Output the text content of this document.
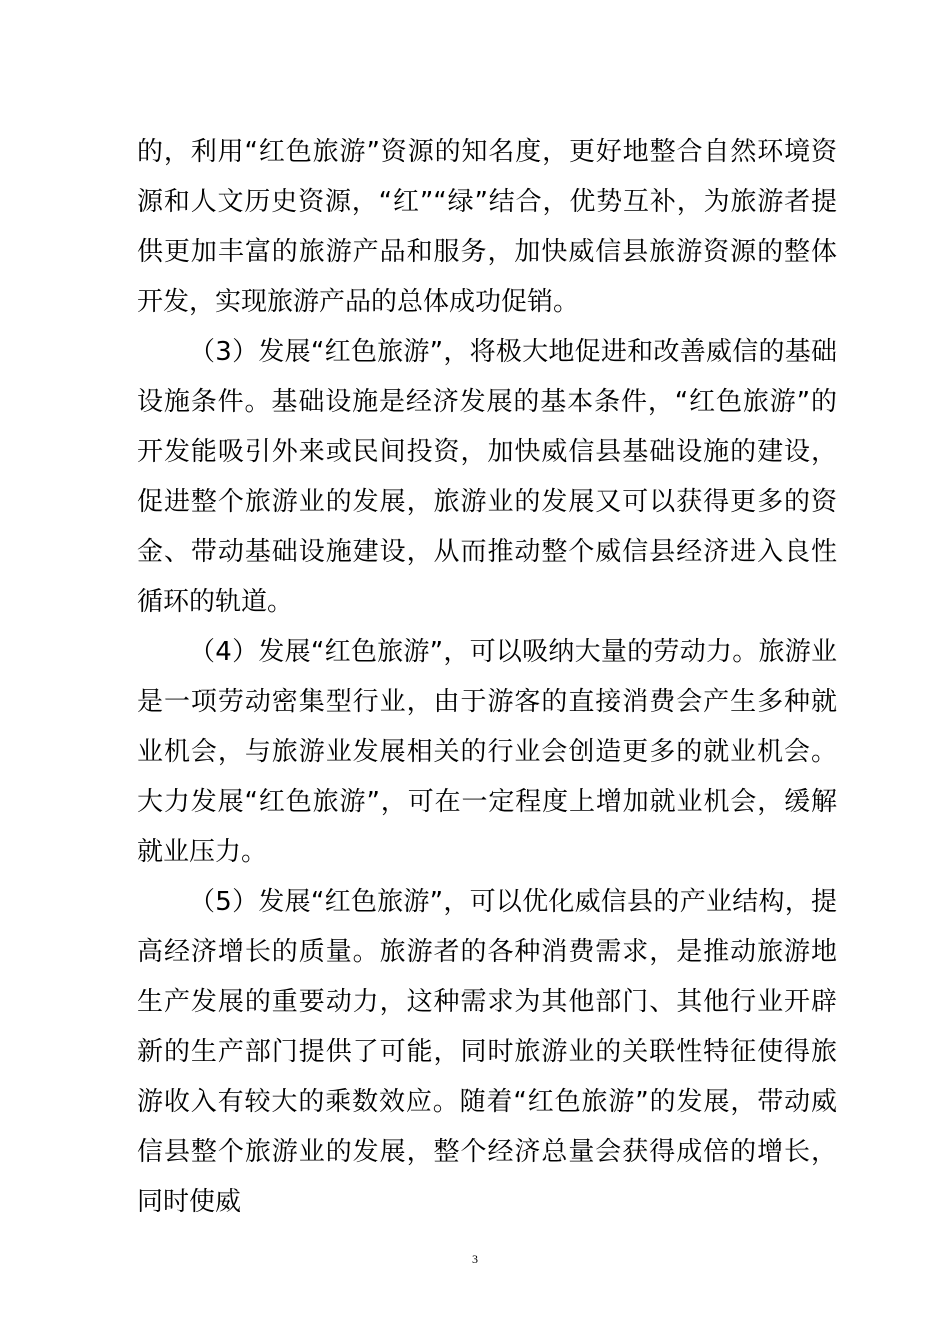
的，利用“红色旅游”资源的知名度，更好地整合自然环境资源和人文历史资源，“红”“绿”结合，优势互补，为旅游者提供更加丰富的旅游产品和服务，加快威信县旅游资源的整体开发，实现旅游产品的总体成功促销。

（3）发展“红色旅游”，将极大地促进和改善威信的基础设施条件。基础设施是经济发展的基本条件，“红色旅游”的开发能吸引外来或民间投资，加快威信县基础设施的建设，促进整个旅游业的发展，旅游业的发展又可以获得更多的资金、带动基础设施建设，从而推动整个威信县经济进入良性循环的轨道。

（4）发展“红色旅游”，可以吸纳大量的劳动力。旅游业是一项劳动密集型行业，由于游客的直接消费会产生多种就业机会，与旅游业发展相关的行业会创造更多的就业机会。大力发展“红色旅游”，可在一定程度上增加就业机会，缓解就业压力。

（5）发展“红色旅游”，可以优化威信县的产业结构，提高经济增长的质量。旅游者的各种消费需求，是推动旅游地生产发展的重要动力，这种需求为其他部门、其他行业开辟新的生产部门提供了可能，同时旅游业的关联性特征使得旅游收入有较大的乘数效应。随着“红色旅游”的发展，带动威信县整个旅游业的发展，整个经济总量会获得成倍的增长，同时使威

3
